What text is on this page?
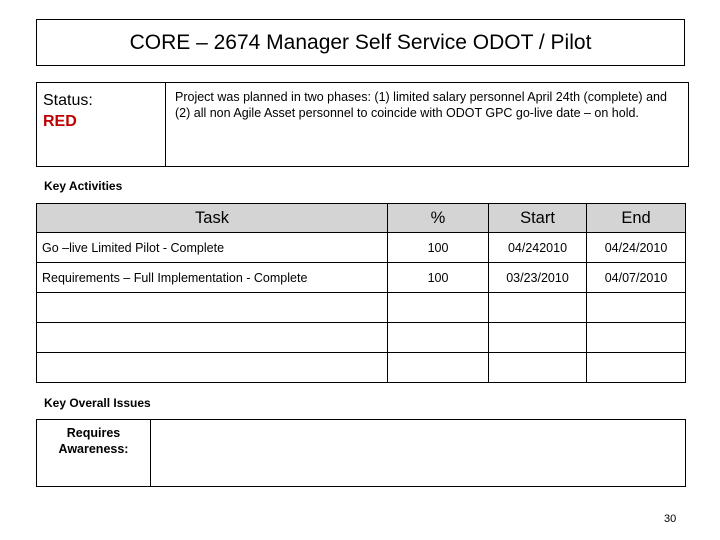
CORE – 2674 Manager Self Service ODOT / Pilot
Status:
RED
Project was planned in two phases: (1) limited salary personnel April 24th (complete) and (2) all non Agile Asset personnel to coincide with ODOT GPC go-live date – on hold.
Key Activities
Task	%	Start	End
Go –live Limited Pilot - Complete	100	04/242010	04/24/2010
Requirements – Full Implementation - Complete	100	03/23/2010	04/07/2010

Key Overall Issues
Requires Awareness:
30
